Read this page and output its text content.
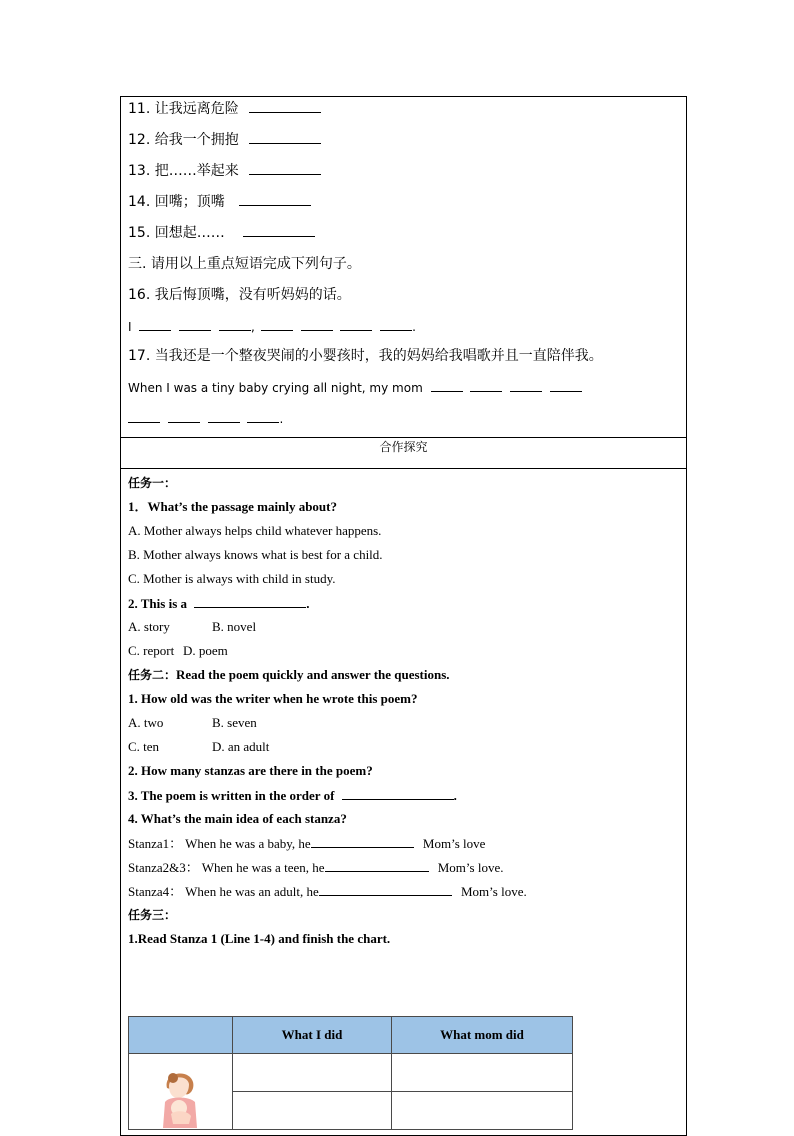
11. 让我远离危险
12. 给我一个拥抱
13. 把……举起来
14. 回嘴；顶嘴
15. 回想起……
三. 请用以上重点短语完成下列句子。
16. 我后悔顶嘴，没有听妈妈的话。
I	,	.
17. 当我还是一个整夜哭闹的小婴孩时，我的妈妈给我唱歌并且一直陪伴我。
When I was a tiny baby crying all night, my mom
.
合作探究
任务一：
1．What’s the passage mainly about?
A. Mother always helps child whatever happens.
B. Mother always knows what is best for a child.
C. Mother is always with child in study.
2. This is a	.
A. story	B. novel
C. report D. poem
任务二：Read the poem quickly and answer the questions.
1. How old was the writer when he wrote this poem?
A. two	B. seven
C. ten	D. an adult
2. How many stanzas are there in the poem?
3. The poem is written in the order of	.
4. What’s the main idea of each stanza?
Stanza1： When he was a baby, he	Mom’s love
Stanza2&3： When he was a teen, he	Mom’s love.
Stanza4： When he was an adult, he	Mom’s love.
任务三：
1.Read Stanza 1 (Line 1-4) and finish the chart.
	What I did	What mom did
